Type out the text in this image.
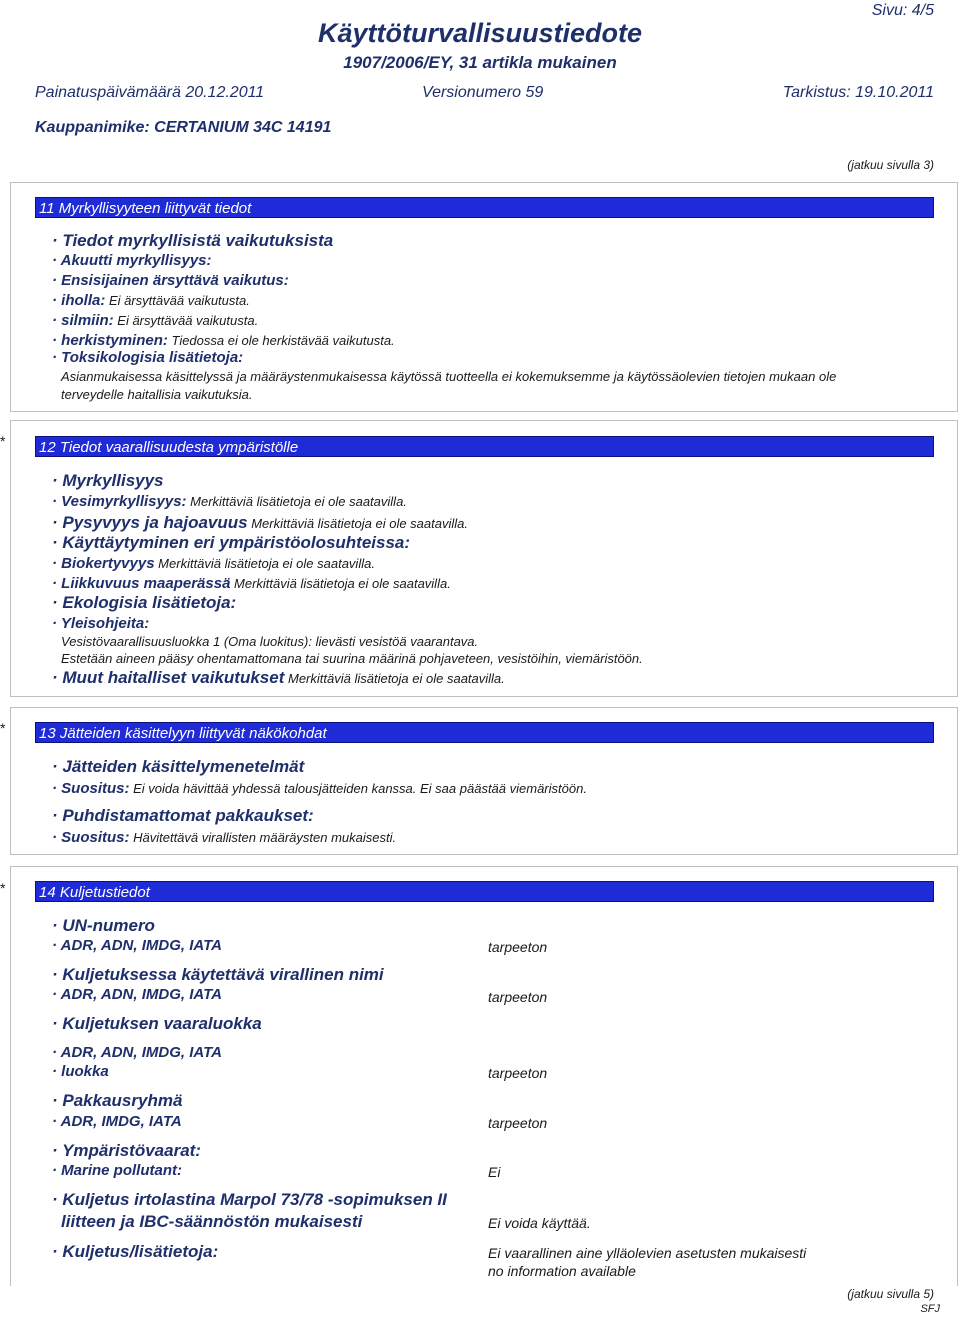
Sivu: 4/5
Käyttöturvallisuustiedote
1907/2006/EY, 31 artikla mukainen
Painatuspäivämäärä 20.12.2011	Versionumero 59	Tarkistus: 19.10.2011
Kauppanimike: CERTANIUM 34C 14191
(jatkuu sivulla 3)
11 Myrkyllisyyteen liittyvät tiedot
· Tiedot myrkyllisistä vaikutuksista
· Akuutti myrkyllisyys:
· Ensisijainen ärsyttävä vaikutus:
· iholla: Ei ärsyttävää vaikutusta.
· silmiin: Ei ärsyttävää vaikutusta.
· herkistyminen: Tiedossa ei ole herkistävää vaikutusta.
· Toksikologisia lisätietoja:
Asianmukaisessa käsittelyssä ja määräystenmukaisessa käytössä tuotteella ei kokemuksemme ja käytössäolevien tietojen mukaan ole
terveydelle haitallisia vaikutuksia.
* 12 Tiedot vaarallisuudesta ympäristölle
· Myrkyllisyys
· Vesimyrkyllisyys: Merkittäviä lisätietoja ei ole saatavilla.
· Pysyvyys ja hajoavuus Merkittäviä lisätietoja ei ole saatavilla.
· Käyttäytyminen eri ympäristöolosuhteissa:
· Biokertyvyys Merkittäviä lisätietoja ei ole saatavilla.
· Liikkuvuus maaperässä Merkittäviä lisätietoja ei ole saatavilla.
· Ekologisia lisätietoja:
· Yleisohjeita:
Vesistövaarallisuusluokka 1 (Oma luokitus): lievästi vesistöä vaarantava.
Estetään aineen pääsy ohentamattomana tai suurina määrinä pohjaveteen, vesistöihin, viemäristöön.
· Muut haitalliset vaikutukset Merkittäviä lisätietoja ei ole saatavilla.
* 13 Jätteiden käsittelyyn liittyvät näkökohdat
· Jätteiden käsittelymenetelmät
· Suositus: Ei voida hävittää yhdessä talousjätteiden kanssa. Ei saa päästää viemäristöön.
· Puhdistamattomat pakkaukset:
· Suositus: Hävitettävä virallisten määräysten mukaisesti.
* 14 Kuljetustiedot
· UN-numero
· ADR, ADN, IMDG, IATA	tarpeeton
· Kuljetuksessa käytettävä virallinen nimi
· ADR, ADN, IMDG, IATA	tarpeeton
· Kuljetuksen vaaraluokka
· ADR, ADN, IMDG, IATA
· luokka	tarpeeton
· Pakkausryhmä
· ADR, IMDG, IATA	tarpeeton
· Ympäristövaarat:
· Marine pollutant:	Ei
· Kuljetus irtolastina Marpol 73/78 -sopimuksen II
liitteen ja IBC-säännöstön mukaisesti	Ei voida käyttää.
· Kuljetus/lisätietoja:	Ei vaarallinen aine ylläolevien asetusten mukaisesti
no information available
(jatkuu sivulla 5)
SFJ
